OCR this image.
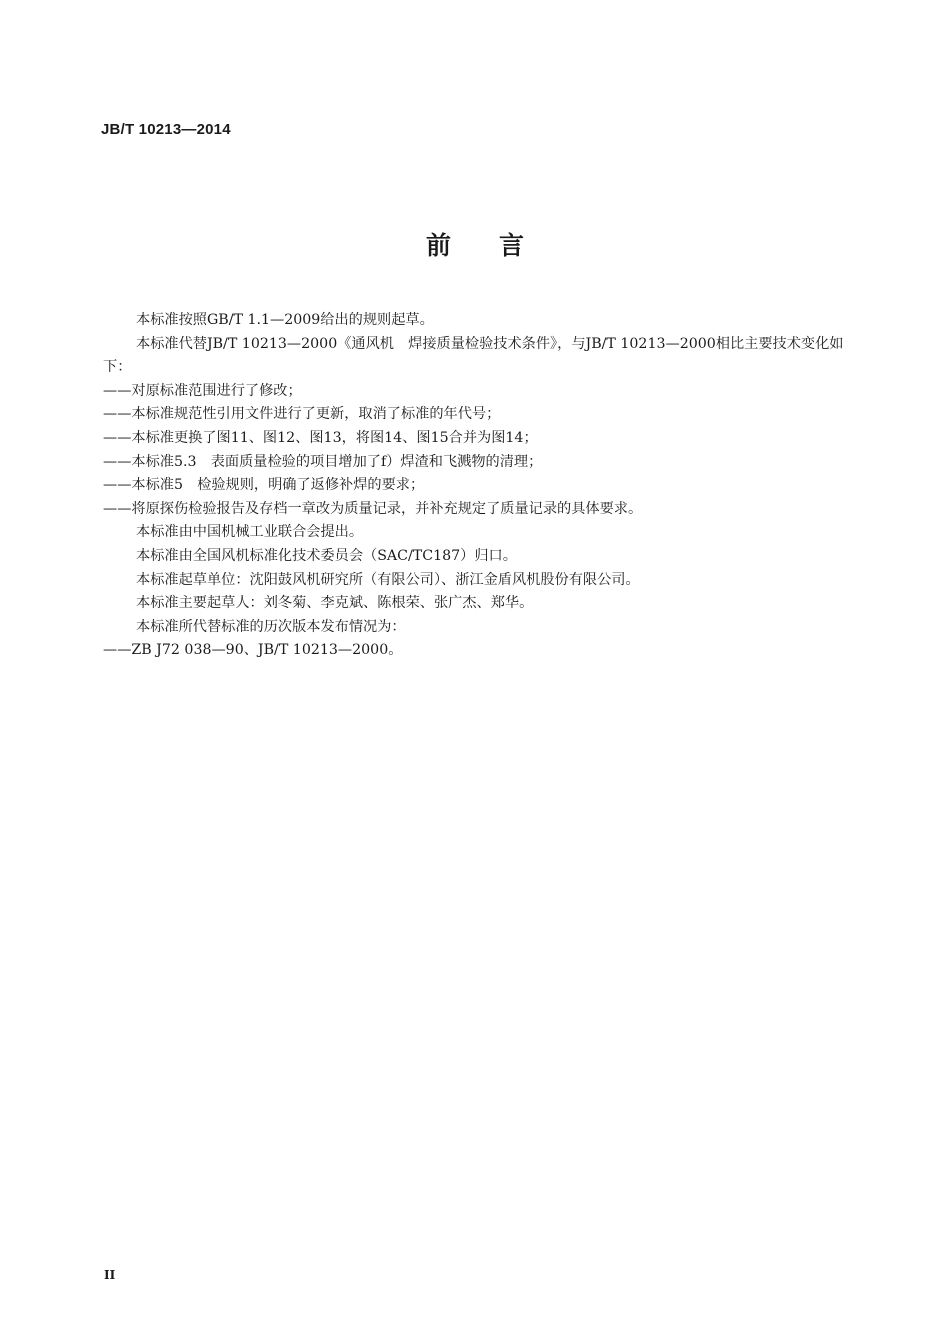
JB/T 10213—2014
前言

本标准按照GB/T 1.1—2009给出的规则起草。

本标准代替JB/T 10213—2000《通风机　焊接质量检验技术条件》，与JB/T 10213—2000相比主要技术变化如下：

——对原标准范围进行了修改；

——本标准规范性引用文件进行了更新，取消了标准的年代号；

——本标准更换了图11、图12、图13，将图14、图15合并为图14；

——本标准5.3　表面质量检验的项目增加了f）焊渣和飞溅物的清理；

——本标准5　检验规则，明确了返修补焊的要求；

——将原探伤检验报告及存档一章改为质量记录，并补充规定了质量记录的具体要求。

本标准由中国机械工业联合会提出。

本标准由全国风机标准化技术委员会（SAC/TC187）归口。

本标准起草单位：沈阳鼓风机研究所（有限公司）、浙江金盾风机股份有限公司。

本标准主要起草人：刘冬菊、李克斌、陈根荣、张广杰、郑华。

本标准所代替标准的历次版本发布情况为：

——ZB J72 038—90、JB/T 10213—2000。

II
